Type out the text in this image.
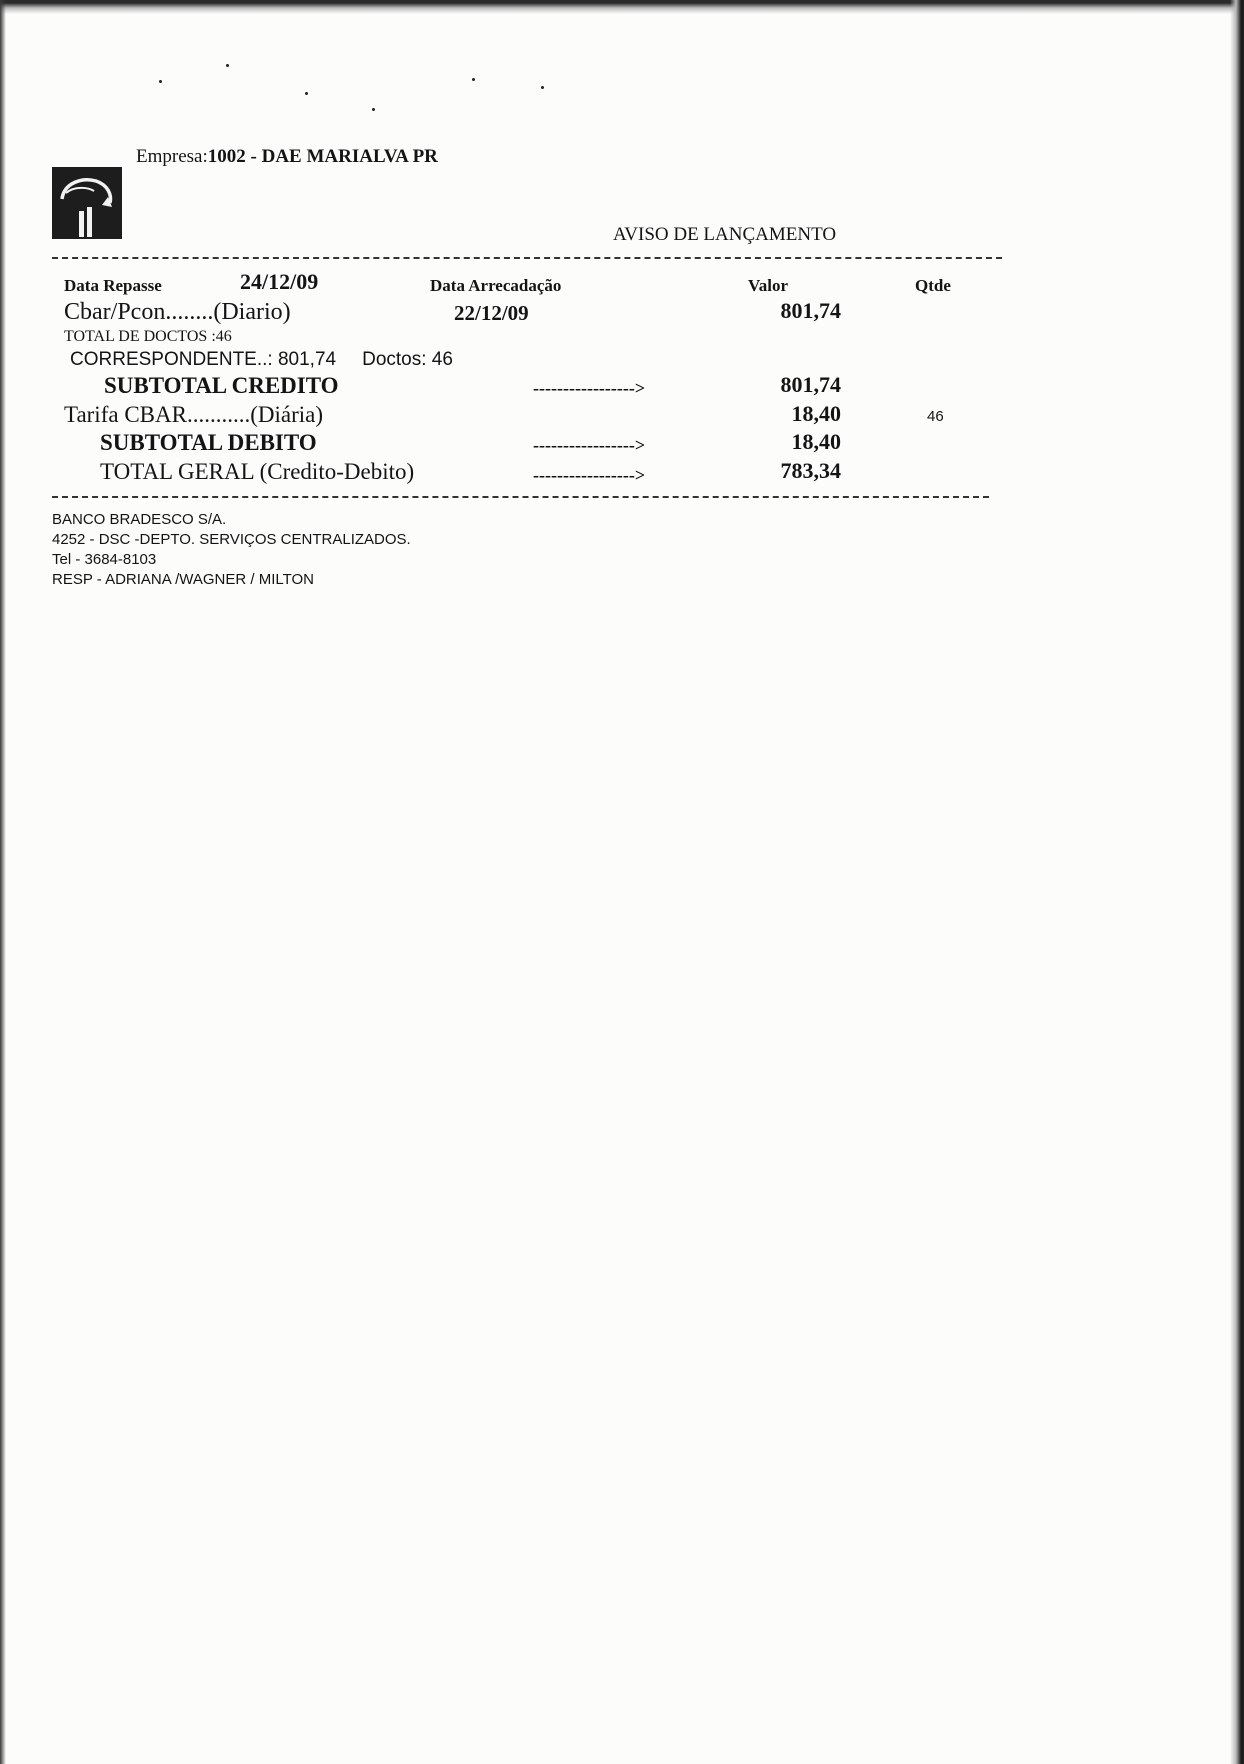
Empresa:1002 - DAE MARIALVA PR
AVISO DE LANÇAMENTO
Data Repasse	24/12/09	Data Arrecadação	Valor	Qtde
Cbar/Pcon........(Diario)	22/12/09	801,74
TOTAL DE DOCTOS :46
CORRESPONDENTE..: 801,74 Doctos: 46
SUBTOTAL CREDITO	----------------->	801,74
Tarifa CBAR...........(Diária)	18,40	46
SUBTOTAL DEBITO	----------------->	18,40
TOTAL GERAL (Credito-Debito)	----------------->	783,34
BANCO BRADESCO S/A.
4252 - DSC -DEPTO. SERVIÇOS CENTRALIZADOS.
Tel - 3684-8103
RESP - ADRIANA /WAGNER / MILTON
